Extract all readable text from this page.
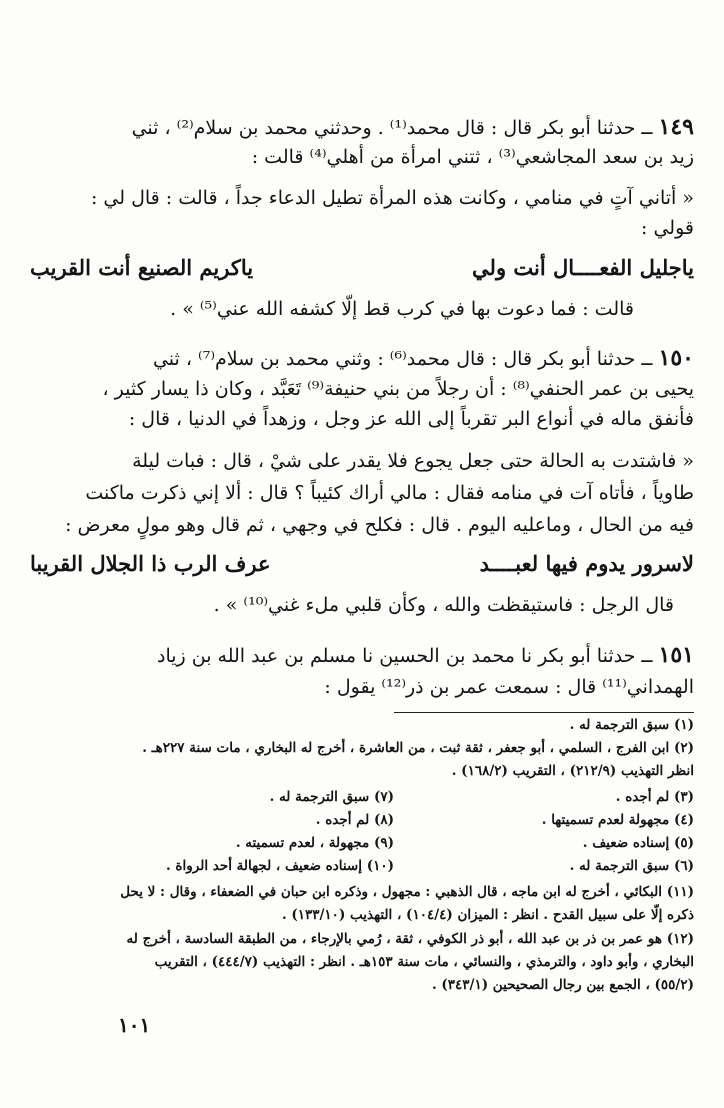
١٤٩ ــ حدثنا أبو بكر قال : قال محمد⁽¹⁾ . وحدثني محمد بن سلام⁽²⁾ ، ثني
زيد بن سعد المجاشعي⁽³⁾ ، ثتني امرأة من أهلي⁽⁴⁾ قالت :
« أتاني آتٍ في منامي ، وكانت هذه المرأة تطيل الدعاء جداً ، قالت : قال لي :
قولي :
ياجليل الفعــــال أنت ولي
ياكريم الصنيع أنت القريب
قالت : فما دعوت بها في كرب قط إلّا كشفه الله عني⁽⁵⁾ » .
١٥٠ ــ حدثنا أبو بكر قال : قال محمد⁽⁶⁾ : وثني محمد بن سلام⁽⁷⁾ ، ثني
يحيى بن عمر الحنفي⁽⁸⁾ : أن رجلاً من بني حنيفة⁽⁹⁾ تَعَبَّد ، وكان ذا يسار كثير ،
فأنفق ماله في أنواع البر تقرباً إلى الله عز وجل ، وزهداً في الدنيا ، قال :
« فاشتدت به الحالة حتى جعل يجوع فلا يقدر على شيْ ، قال : فبات ليلة
طاوياً ، فأتاه آت في منامه فقال : مالي أراك كئيباً ؟ قال : ألا إني ذكرت ماكنت
فيه من الحال ، وماعليه اليوم . قال : فكلح في وجهي ، ثم قال وهو مولٍ معرض :
لاسرور يدوم فيها لعبــــد
عرف الرب ذا الجلال القريبا
قال الرجل : فاستيقظت والله ، وكأن قلبي ملء غني⁽¹⁰⁾ » .
١٥١ ــ حدثنا أبو بكر نا محمد بن الحسين نا مسلم بن عبد الله بن زياد
الهمداني⁽¹¹⁾ قال : سمعت عمر بن ذر⁽¹²⁾ يقول :
(١) سبق الترجمة له .
(٢) ابن الفرج ، السلمي ، أبو جعفر ، ثقة ثبت ، من العاشرة ، أخرج له البخاري ، مات سنة ٢٢٧هـ .
انظر التهذيب (٢١٢/٩) ، التقريب (١٦٨/٢) .
(٣) لم أجده .
(٧) سبق الترجمة له .
(٤) مجهولة لعدم تسميتها .
(٨) لم أجده .
(٥) إسناده ضعيف .
(٩) مجهولة ، لعدم تسميته .
(٦) سبق الترجمة له .
(١٠) إسناده ضعيف ، لجهالة أحد الرواة .
(١١) البكائي ، أخرج له ابن ماجه ، قال الذهبي : مجهول ، وذكره ابن حبان في الضعفاء ، وقال : لا يحل
ذكره إلّا على سبيل القدح . انظر : الميزان (١٠٤/٤) ، التهذيب (١٣٣/١٠) .
(١٢) هو عمر بن ذر بن عبد الله ، أبو ذر الكوفي ، ثقة ، رُمي بالإرجاء ، من الطبقة السادسة ، أخرج له
البخاري ، وأبو داود ، والترمذي ، والنسائي ، مات سنة ١٥٣هـ . انظر : التهذيب (٤٤٤/٧) ، التقريب
(٥٥/٢) ، الجمع بين رجال الصحيحين (٣٤٣/١) .
١٠١
